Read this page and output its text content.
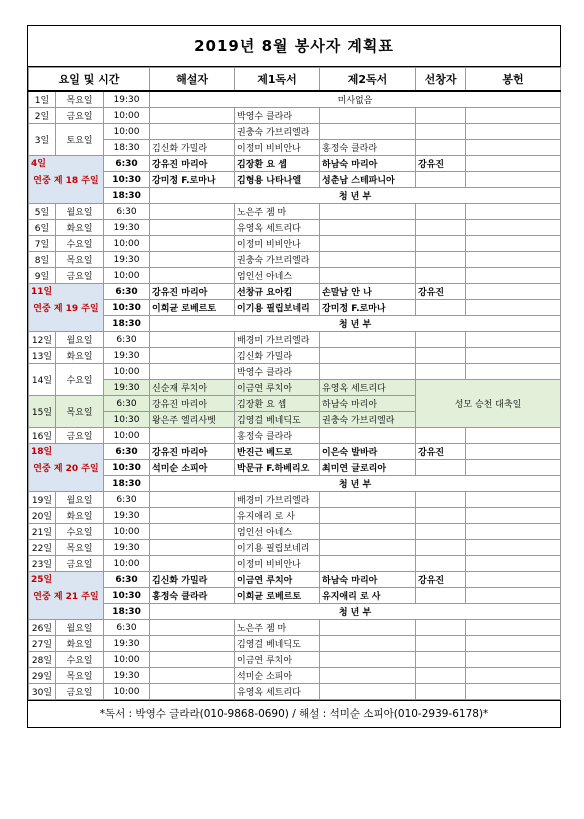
2019년 8월 봉사자 계획표
요일 및 시간			해설자	제1독서	제2독서	선창자	봉헌
1일	목요일	19:30	미사없음				
2일	금요일	10:00		박영수 클라라			
3일	토요일	10:00		권충숙 가브리엘라			
		18:30	김신화 가밀라	이정미 비비안나	홍정숙 클라라		
4일
연중 제 18 주일		6:30	강유진 마리아	김장환 요 셉	하남숙 마리아	강유진	
		10:30	강미정 F.로마나	김형용 나타나엘	성춘남 스테파니아		
		18:30	청 년 부				
5일	월요일	6:30		노은주 젬 마			
6일	화요일	19:30		유영옥 세트리다			
7일	수요일	10:00		이정미 비비안나			
8일	목요일	19:30		권충숙 가브리엘라			
9일	금요일	10:00		엄인선 아네스			
11일
연중 제 19 주일		6:30	강유진 마리아	선창규 요아킴	손말남 안 나	강유진	
		10:30	이희균 로베르토	이기용 필립보네리	강미정 F.로마나		
		18:30	청 년 부				
12일	월요일	6:30		배경미 가브리엘라			
13일	화요일	19:30		김신화 가밀라			
14일	수요일	10:00		박영수 클라라			
		19:30	신순재 루치아	이금연 루치아	유영옥 세트리다	성모 승천 대축일	
15일	목요일	6:30	강유진 마리아	김장환 요 셉	하남숙 마리아		
		10:30	왕은주 엘리사벳	김영걸 베네딕도	권충숙 가브리엘라		
16일	금요일	10:00		홍정숙 클라라			
18일
연중 제 20 주일		6:30	강유진 마리아	반진근 베드로	이은숙 발바라	강유진	
		10:30	석미순 소피아	박문규 F.하베리오	최미연 글로리아		
		18:30	청 년 부				
19일	월요일	6:30		배경미 가브리엘라			
20일	화요일	19:30		유지애리 로 사			
21일	수요일	10:00		엄인선 아네스			
22일	목요일	19:30		이기용 필립보네리			
23일	금요일	10:00		이정미 비비안나			
25일
연중 제 21 주일		6:30	김신화 가밀라	이금연 루치아	하남숙 마리아	강유진	
		10:30	홍정숙 클라라	이희균 로베르토	유지애리 로 사		
		18:30	청 년 부				
26일	월요일	6:30		노은주 젬 마			
27일	화요일	19:30		김영걸 베네딕도			
28일	수요일	10:00		이금연 루치아			
29일	목요일	19:30		석미순 소피아			
30일	금요일	10:00		유영옥 세트리다			
*독서 : 박영수 글라라(010-9868-0690) / 해설 : 석미순 소피아(010-2939-6178)*
